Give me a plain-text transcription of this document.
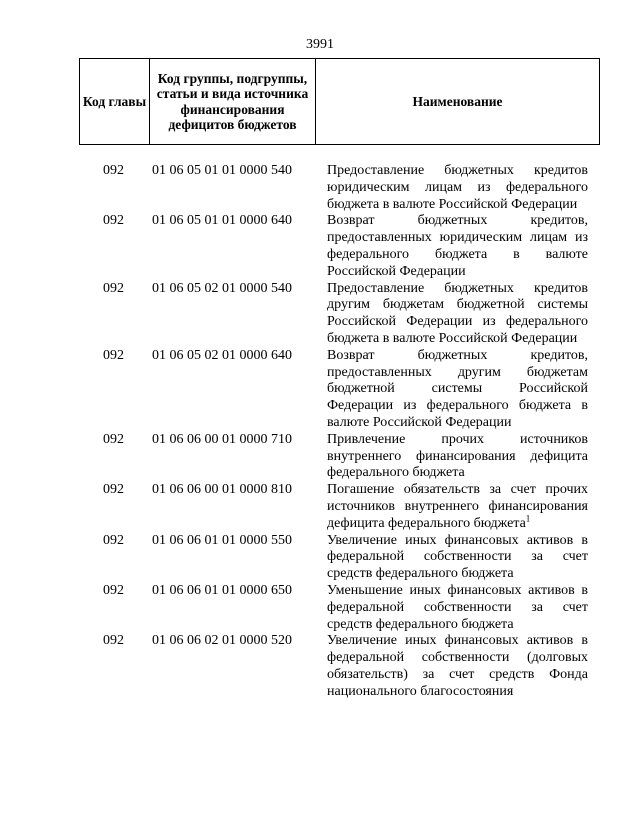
3991
Код главы	Код группы, подгруппы, статьи и вида источника финансирования дефицитов бюджетов	Наименование
092	01 06 05 01 01 0000 540	Предоставление бюджетных кредитов юридическим лицам из федерального бюджета в валюте Российской Федерации
092	01 06 05 01 01 0000 640	Возврат бюджетных кредитов, предоставленных юридическим лицам из федерального бюджета в валюте Российской Федерации
092	01 06 05 02 01 0000 540	Предоставление бюджетных кредитов другим бюджетам бюджетной системы Российской Федерации из федерального бюджета в валюте Российской Федерации
092	01 06 05 02 01 0000 640	Возврат бюджетных кредитов, предоставленных другим бюджетам бюджетной системы Российской Федерации из федерального бюджета в валюте Российской Федерации
092	01 06 06 00 01 0000 710	Привлечение прочих источников внутреннего финансирования дефицита федерального бюджета
092	01 06 06 00 01 0000 810	Погашение обязательств за счет прочих источников внутреннего финансирования дефицита федерального бюджета$^1$
092	01 06 06 01 01 0000 550	Увеличение иных финансовых активов в федеральной собственности за счет средств федерального бюджета
092	01 06 06 01 01 0000 650	Уменьшение иных финансовых активов в федеральной собственности за счет средств федерального бюджета
092	01 06 06 02 01 0000 520	Увеличение иных финансовых активов в федеральной собственности (долговых обязательств) за счет средств Фонда национального благосостояния
